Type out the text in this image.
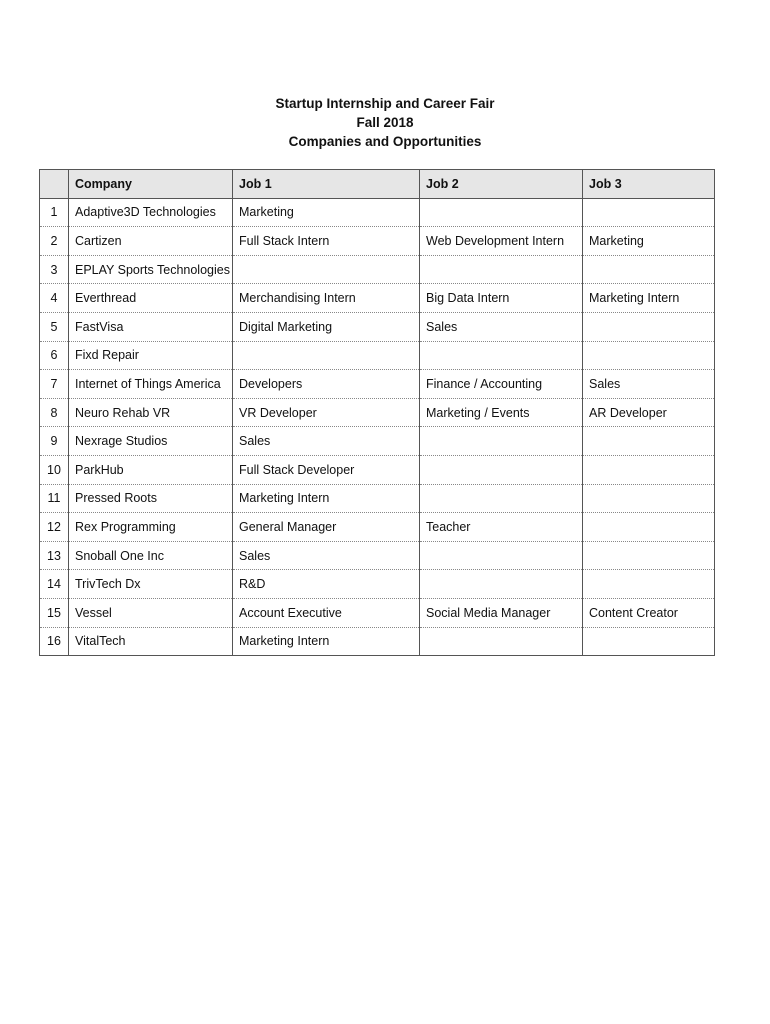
Startup Internship and Career Fair
Fall 2018
Companies and Opportunities
	Company	Job 1	Job 2	Job 3
1	Adaptive3D Technologies	Marketing		
2	Cartizen	Full Stack Intern	Web Development Intern	Marketing
3	EPLAY Sports Technologies			
4	Everthread	Merchandising Intern	Big Data Intern	Marketing Intern
5	FastVisa	Digital Marketing	Sales	
6	Fixd Repair			
7	Internet of Things America	Developers	Finance / Accounting	Sales
8	Neuro Rehab VR	VR Developer	Marketing / Events	AR Developer
9	Nexrage Studios	Sales		
10	ParkHub	Full Stack Developer		
11	Pressed Roots	Marketing Intern		
12	Rex Programming	General Manager	Teacher	
13	Snoball One Inc	Sales		
14	TrivTech Dx	R&D		
15	Vessel	Account Executive	Social Media Manager	Content Creator
16	VitalTech	Marketing Intern		
